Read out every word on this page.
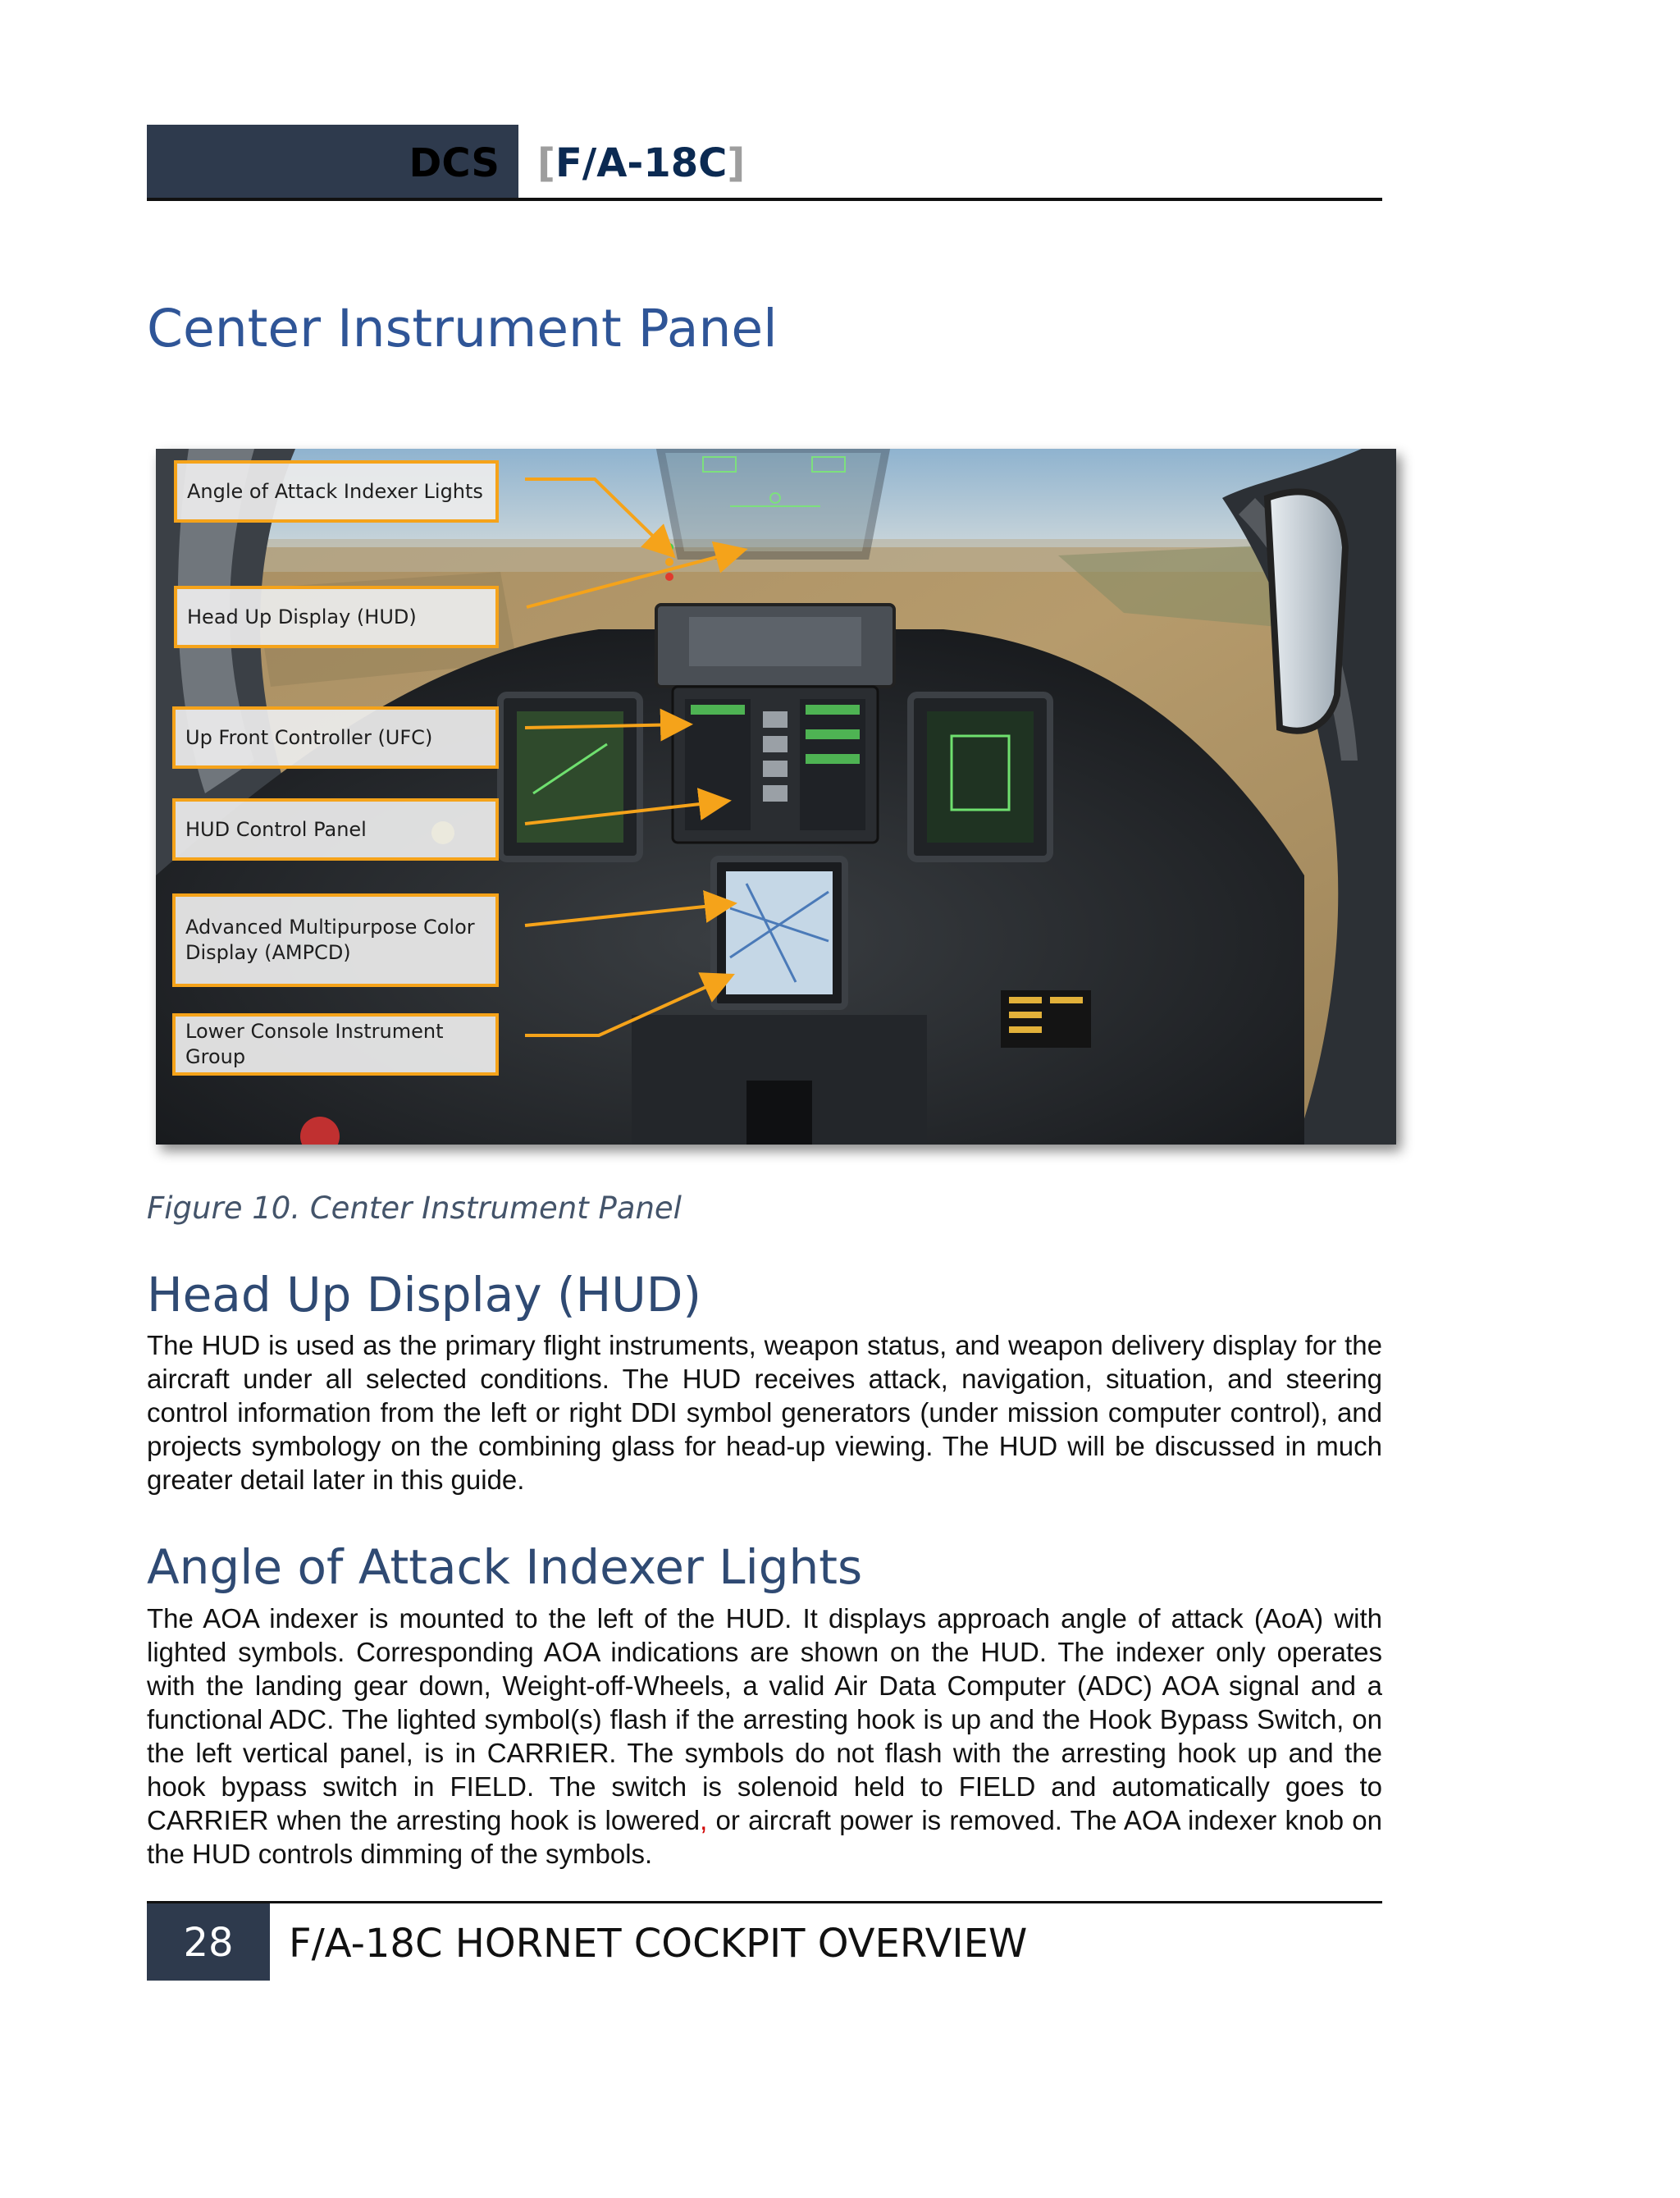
DCS [F/A-18C]
Center Instrument Panel
Angle of Attack Indexer Lights
Head Up Display (HUD)
Up Front Controller (UFC)
HUD Control Panel
Advanced Multipurpose Color Display (AMPCD)
Lower Console Instrument Group

Figure 10. Center Instrument Panel

Head Up Display (HUD)

The HUD is used as the primary flight instruments, weapon status, and weapon delivery display for the aircraft under all selected conditions. The HUD receives attack, navigation, situation, and steering control information from the left or right DDI symbol generators (under mission computer control), and projects symbology on the combining glass for head-up viewing. The HUD will be discussed in much greater detail later in this guide.

Angle of Attack Indexer Lights

The AOA indexer is mounted to the left of the HUD. It displays approach angle of attack (AoA) with lighted symbols. Corresponding AOA indications are shown on the HUD. The indexer only operates with the landing gear down, Weight-off-Wheels, a valid Air Data Computer (ADC) AOA signal and a functional ADC. The lighted symbol(s) flash if the arresting hook is up and the Hook Bypass Switch, on the left vertical panel, is in CARRIER. The symbols do not flash with the arresting hook up and the hook bypass switch in FIELD. The switch is solenoid held to FIELD and automatically goes to CARRIER when the arresting hook is lowered, or aircraft power is removed. The AOA indexer knob on the HUD controls dimming of the symbols.

28	F/A-18C HORNET COCKPIT OVERVIEW
